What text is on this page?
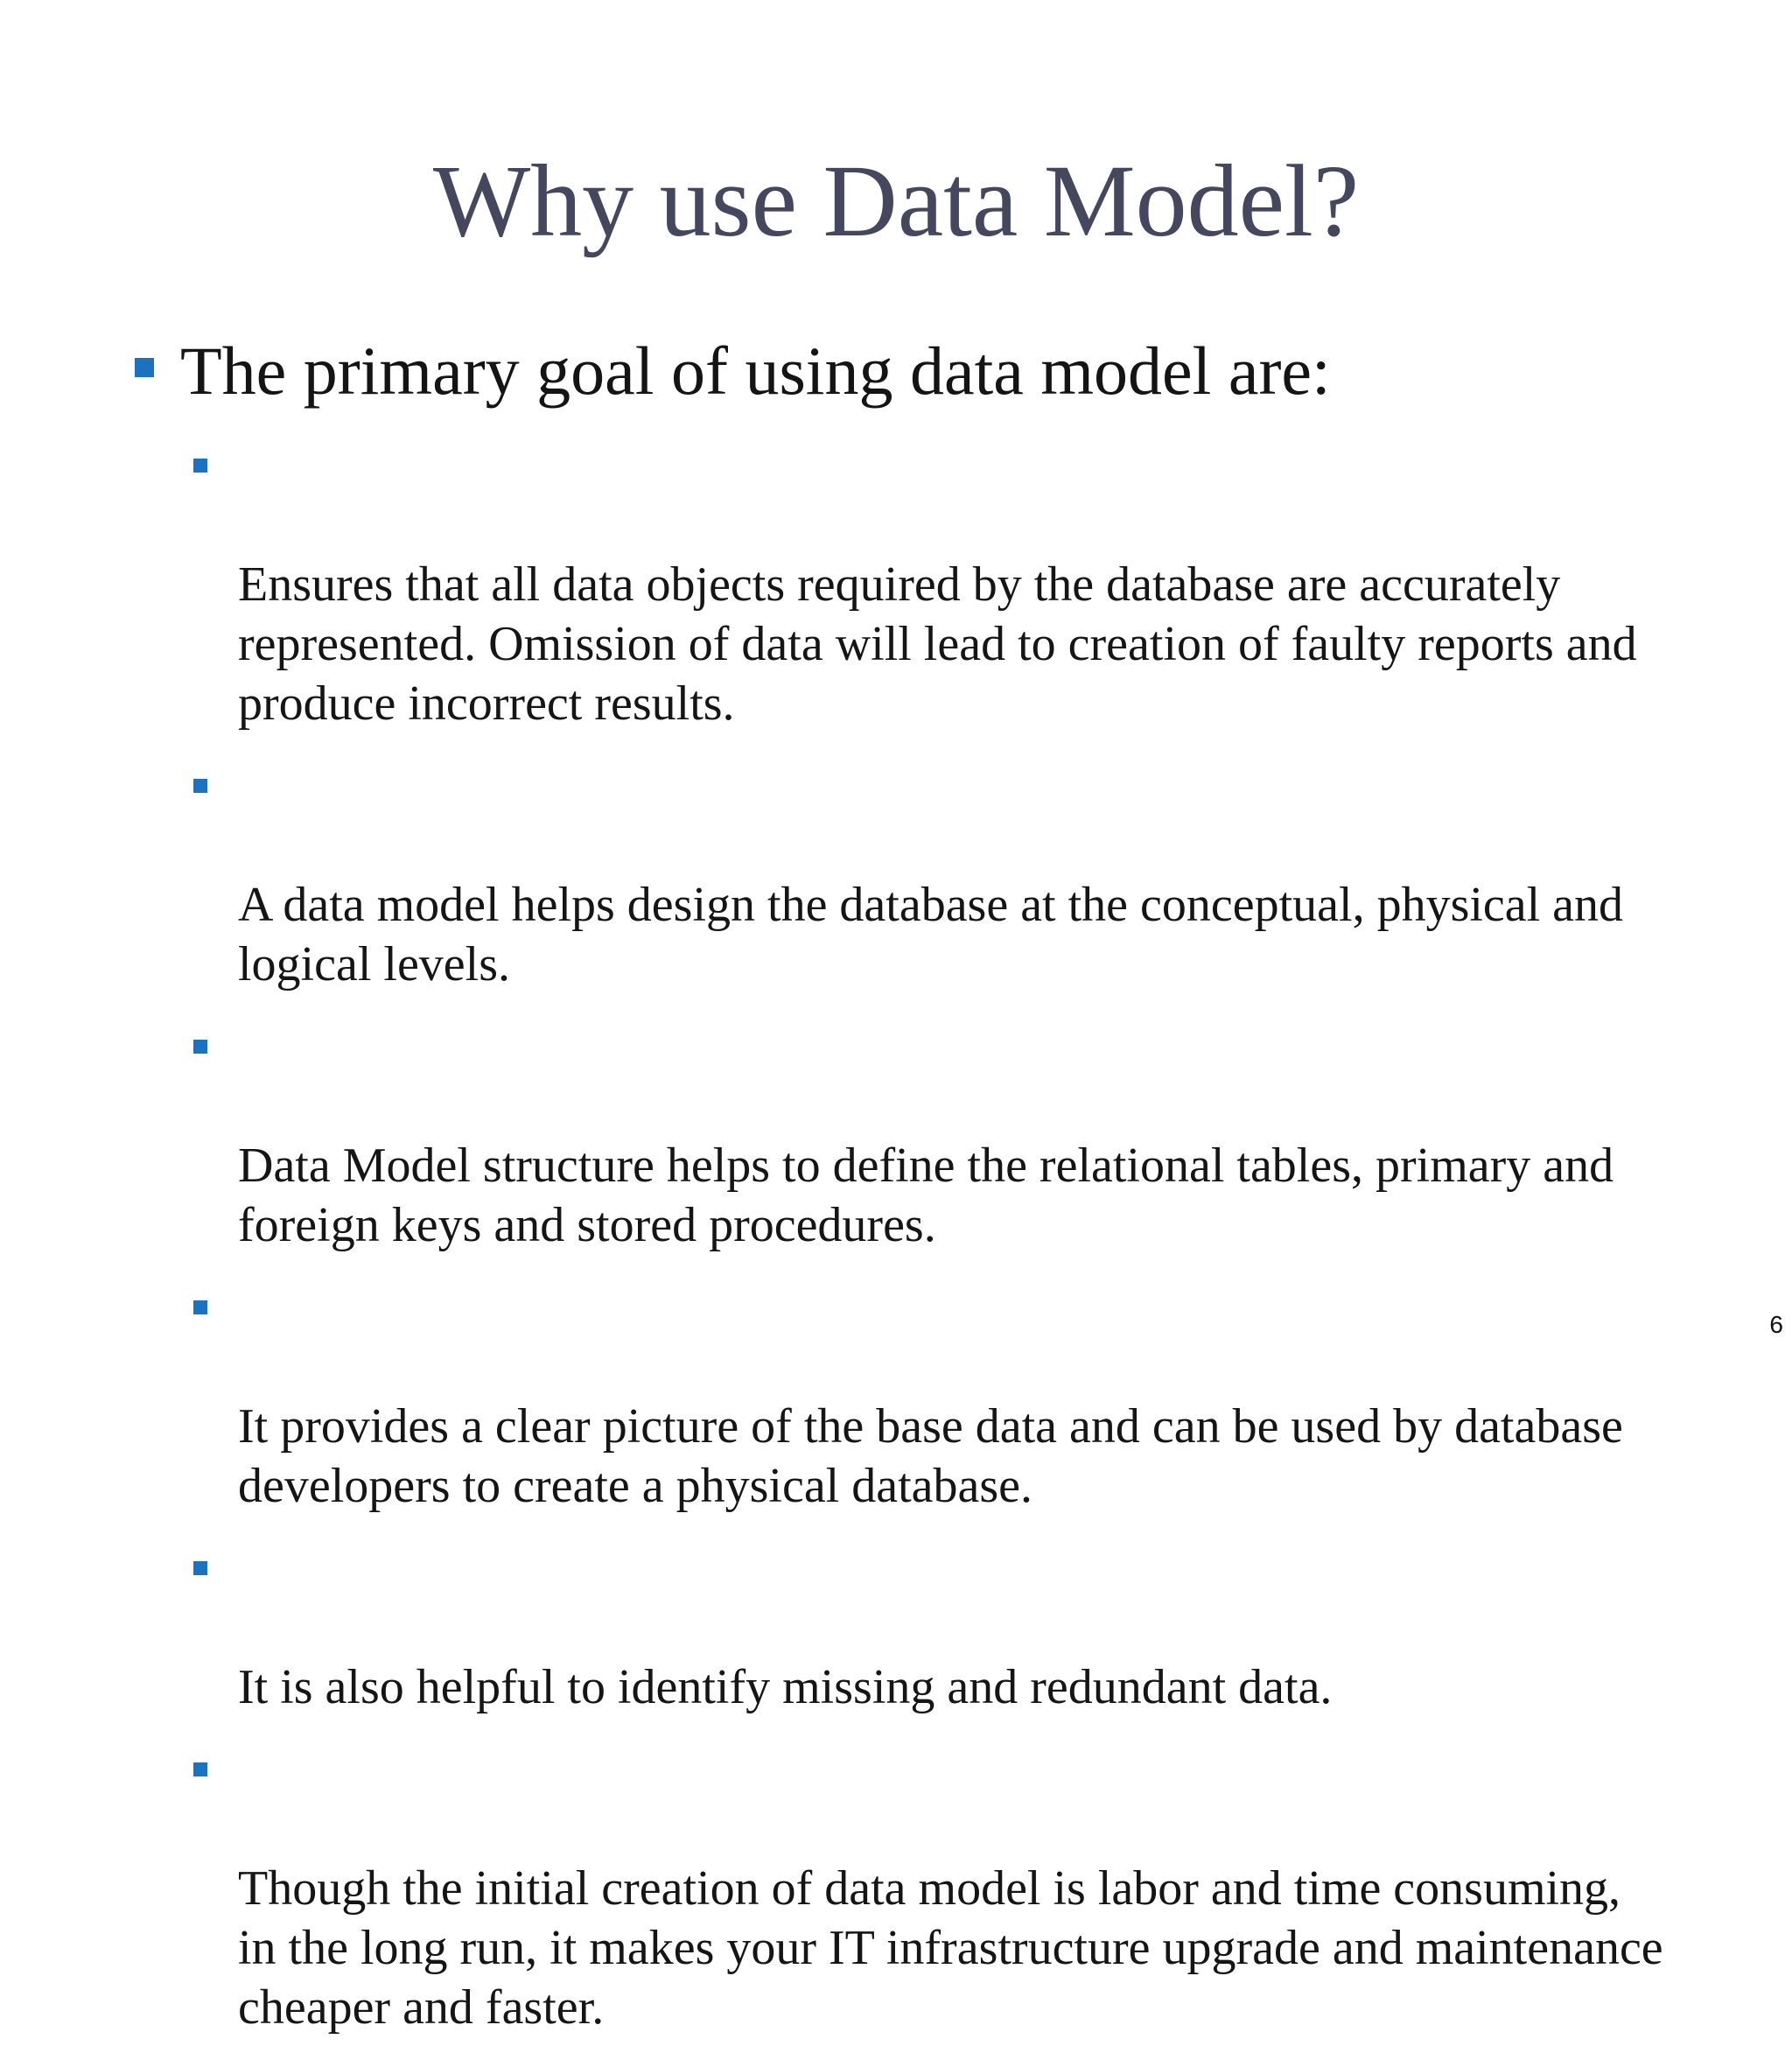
Why use Data Model?
The primary goal of using data model are:

Ensures that all data objects required by the database are accurately
represented. Omission of data will lead to creation of faulty reports and
produce incorrect results.

A data model helps design the database at the conceptual, physical and
logical levels.

Data Model structure helps to define the relational tables, primary and
foreign keys and stored procedures.

It provides a clear picture of the base data and can be used by database
developers to create a physical database.

It is also helpful to identify missing and redundant data.

Though the initial creation of data model is labor and time consuming,
in the long run, it makes your IT infrastructure upgrade and maintenance
cheaper and faster.

6
